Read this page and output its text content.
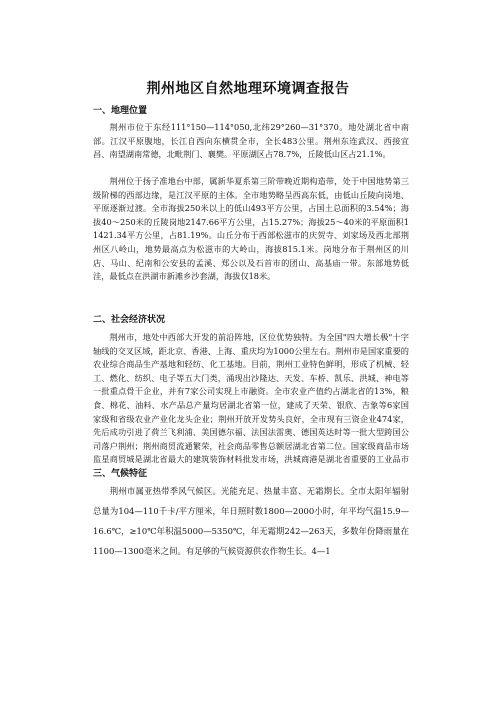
荆州地区自然地理环境调查报告
一、地理位置

荆州市位于东经111°150—114°050,北纬29°260—31°370。地处湖北省中南部。江汉平原腹地，长江自西向东横贯全市，全长483公里。荆州东连武汉、西接宜昌、南望湖南常德，北毗荆门、襄樊。平原湖区占78.7%，丘陵低山区占21.1%。

荆州位于扬子准地台中部，属新华夏系第三阶带晚近期构造带，处于中国地势第三级阶梯的西部边缘，是江汉平原的主体。全市地势略呈西高东低，由低山丘陵向岗地、平原逐渐过渡。全市海拔250米以上的低山493平方公里，占国土总面积的3.54%；海拔40～250米的丘陵岗地2147.66平方公里，占15.27%；海拔25～40米的平原面积11421.34平方公里，占81.19%。山丘分布于西部松滋市的庆贺寺、刘家场及西北部荆州区八岭山，地势最高点为松滋市的大岭山，海拔815.1米。岗地分布于荆州区的川店、马山、纪南和公安县的孟溪、郑公以及石首市的团山、高基庙一带。东部地势低洼，最低点在洪湖市新滩乡沙套湖，海拔仅18米。

二、社会经济状况

荆州市，地处中西部大开发的前沿阵地，区位优势独特。为全国"四大增长极"十字轴线的交叉区域，距北京、香港、上海、重庆均为1000公里左右。荆州市是国家重要的农业综合商品生产基地和轻纺、化工基地。目前，荆州工业特色鲜明，形成了机械、轻工、燃化、纺织、电子等五大门类，涌现出沙隆达、天发、车桥、凯乐、洪城、神电等一批重点骨干企业，并有7家公司实现上市融资。全市农业产值约占湖北省的13%，粮食、棉花、油料、水产品总产量均居湖北省第一位，建成了天荣、银欣、吉象等6家国家级和省级农业产业化龙头企业；荆州开放开发势头良好，全市现有三资企业474家，先后成功引进了荷兰飞利浦、美国德尔福、法国法雷奥、德国英达时等一批大型跨国公司落户荆州；荆州商贸流通繁荣，社会商品零售总额居湖北省第二位。国家级商品市场监星商贸城是湖北省最大的建筑装饰材料批发市场，洪城商港是湖北省重要的工业品市

三、气候特征

荆州市属亚热带季风气候区。光能充足、热量丰富、无霜期长。全市太阳年辐射总量为104—110千卡/平方厘米，年日照时数1800—2000小时，年平均气温15.9—16.6℃，≥10℃年积温5000—5350℃，年无霜期242—263天，多数年份降雨量在1100—1300毫米之间。有足够的气候资源供农作物生长。4—1
